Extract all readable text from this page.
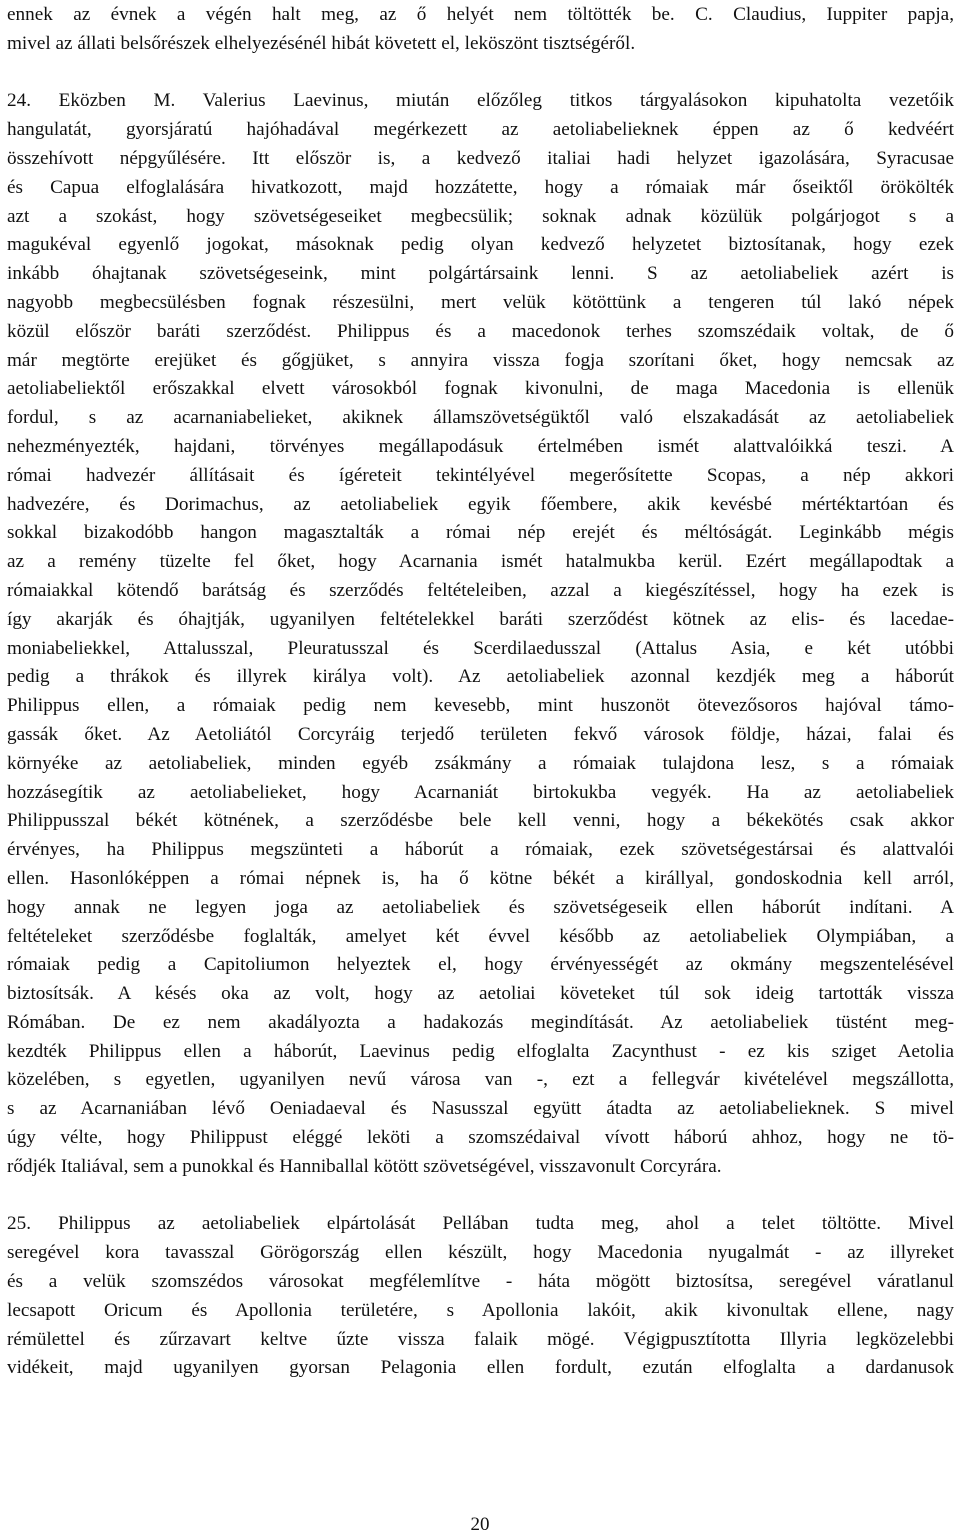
ennek az évnek a végén halt meg, az ő helyét nem töltötték be. C. Claudius, Iuppiter papja,
mivel az állati belsőrészek elhelyezésénél hibát követett el, leköszönt tisztségéről.
24. Eközben M. Valerius Laevinus, miután előzőleg titkos tárgyalásokon kipuhatolta vezetőik
hangulatát, gyorsjáratú hajóhadával megérkezett az aetoliabelieknek éppen az ő kedvéért
összehívott népgyűlésére. Itt először is, a kedvező italiai hadi helyzet igazolására, Syracusae
és Capua elfoglalására hivatkozott, majd hozzátette, hogy a rómaiak már őseiktől örökölték
azt a szokást, hogy szövetségeseiket megbecsülik; soknak adnak közülük polgárjogot s a
magukéval egyenlő jogokat, másoknak pedig olyan kedvező helyzetet biztosítanak, hogy ezek
inkább óhajtanak szövetségeseink, mint polgártársaink lenni. S az aetoliabeliek azért is
nagyobb megbecsülésben fognak részesülni, mert velük kötöttünk a tengeren túl lakó népek
közül először baráti szerződést. Philippus és a macedonok terhes szomszédaik voltak, de ő
már megtörte erejüket és gőgjüket, s annyira vissza fogja szorítani őket, hogy nemcsak az
aetoliabeliektől erőszakkal elvett városokból fognak kivonulni, de maga Macedonia is ellenük
fordul, s az acarnaniabelieket, akiknek államszövetségüktől való elszakadását az aetoliabeliek
nehezményezték, hajdani, törvényes megállapodásuk értelmében ismét alattvalóikká teszi. A
római hadvezér állításait és ígéreteit tekintélyével megerősítette Scopas, a nép akkori
hadvezére, és Dorimachus, az aetoliabeliek egyik főembere, akik kevésbé mértéktartóan és
sokkal bizakodóbb hangon magasztalták a római nép erejét és méltóságát. Leginkább mégis
az a remény tüzelte fel őket, hogy Acarnania ismét hatalmukba kerül. Ezért megállapodtak a
rómaiakkal kötendő barátság és szerződés feltételeiben, azzal a kiegészítéssel, hogy ha ezek is
így akarják és óhajtják, ugyanilyen feltételekkel baráti szerződést kötnek az elis- és lacedae-
moniabeliekkel, Attalusszal, Pleuratusszal és Scerdilaedusszal (Attalus Asia, e két utóbbi
pedig a thrákok és illyrek királya volt). Az aetoliabeliek azonnal kezdjék meg a háborút
Philippus ellen, a rómaiak pedig nem kevesebb, mint huszonöt ötevezősoros hajóval támo-
gassák őket. Az Aetoliától Corcyráig terjedő területen fekvő városok földje, házai, falai és
környéke az aetoliabeliek, minden egyéb zsákmány a rómaiak tulajdona lesz, s a rómaiak
hozzásegítik az aetoliabelieket, hogy Acarnaniát birtokukba vegyék. Ha az aetoliabeliek
Philippusszal békét kötnének, a szerződésbe bele kell venni, hogy a békekötés csak akkor
érvényes, ha Philippus megszünteti a háborút a rómaiak, ezek szövetségestársai és alattvalói
ellen. Hasonlóképpen a római népnek is, ha ő kötne békét a királlyal, gondoskodnia kell arról,
hogy annak ne legyen joga az aetoliabeliek és szövetségeseik ellen háborút indítani. A
feltételeket szerződésbe foglalták, amelyet két évvel később az aetoliabeliek Olympiában, a
rómaiak pedig a Capitoliumon helyeztek el, hogy érvényességét az okmány megszentelésével
biztosítsák. A késés oka az volt, hogy az aetoliai követeket túl sok ideig tartották vissza
Rómában. De ez nem akadályozta a hadakozás megindítását. Az aetoliabeliek tüstént meg-
kezdték Philippus ellen a háborút, Laevinus pedig elfoglalta Zacynthust - ez kis sziget Aetolia
közelében, s egyetlen, ugyanilyen nevű városa van -, ezt a fellegvár kivételével megszállotta,
s az Acarnaniában lévő Oeniadaeval és Nasusszal együtt átadta az aetoliabelieknek. S mivel
úgy vélte, hogy Philippust eléggé leköti a szomszédaival vívott háború ahhoz, hogy ne tö-
rődjék Italiával, sem a punokkal és Hanniballal kötött szövetségével, visszavonult Corcyrára.
25. Philippus az aetoliabeliek elpártolását Pellában tudta meg, ahol a telet töltötte. Mivel
seregével kora tavasszal Görögország ellen készült, hogy Macedonia nyugalmát - az illyreket
és a velük szomszédos városokat megfélemlítve - háta mögött biztosítsa, seregével váratlanul
lecsapott Oricum és Apollonia területére, s Apollonia lakóit, akik kivonultak ellene, nagy
rémülettel és zűrzavart keltve űzte vissza falaik mögé. Végigpusztította Illyria legközelebbi
vidékeit, majd ugyanilyen gyorsan Pelagonia ellen fordult, ezután elfoglalta a dardanusok
20
